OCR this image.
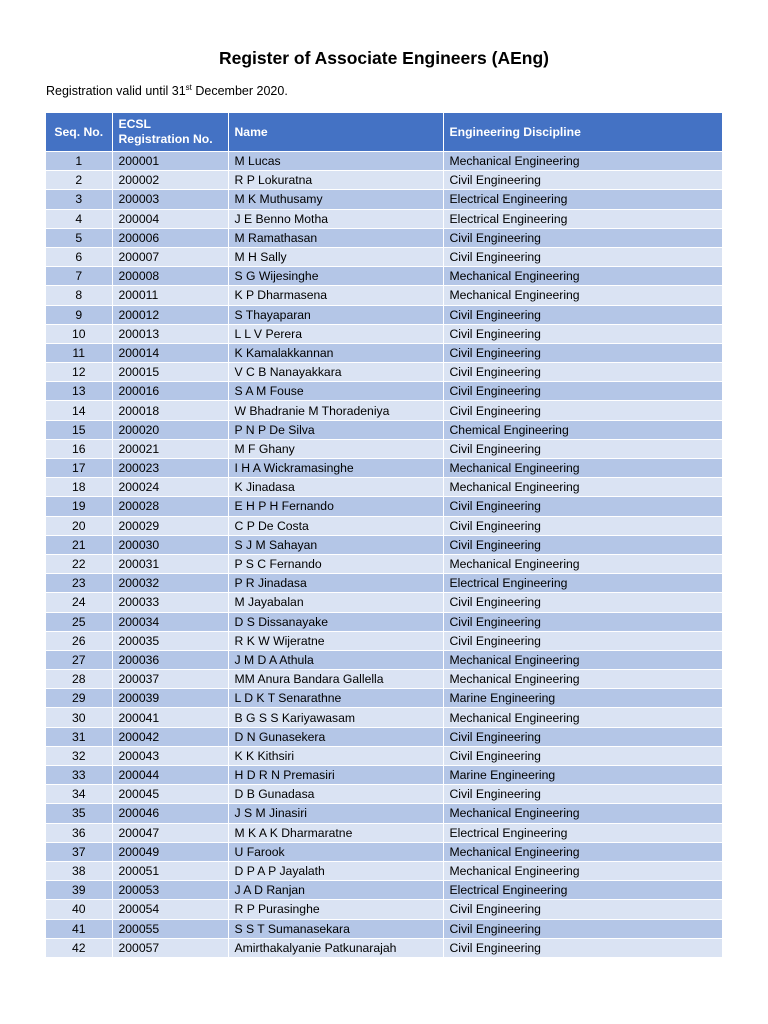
Register of Associate Engineers (AEng)
Registration valid until 31st December 2020.
Seq. No.	ECSL Registration No.	Name	Engineering Discipline
1	200001	M Lucas	Mechanical Engineering
2	200002	R P Lokuratna	Civil Engineering
3	200003	M K Muthusamy	Electrical Engineering
4	200004	J E Benno Motha	Electrical Engineering
5	200006	M Ramathasan	Civil Engineering
6	200007	M H Sally	Civil Engineering
7	200008	S G Wijesinghe	Mechanical Engineering
8	200011	K P Dharmasena	Mechanical Engineering
9	200012	S Thayaparan	Civil Engineering
10	200013	L L V Perera	Civil Engineering
11	200014	K Kamalakkannan	Civil Engineering
12	200015	V C B Nanayakkara	Civil Engineering
13	200016	S A M Fouse	Civil Engineering
14	200018	W Bhadranie M Thoradeniya	Civil Engineering
15	200020	P N P De Silva	Chemical Engineering
16	200021	M F Ghany	Civil Engineering
17	200023	I H A Wickramasinghe	Mechanical Engineering
18	200024	K Jinadasa	Mechanical Engineering
19	200028	E H P H Fernando	Civil Engineering
20	200029	C P De Costa	Civil Engineering
21	200030	S J M Sahayan	Civil Engineering
22	200031	P S C Fernando	Mechanical Engineering
23	200032	P R Jinadasa	Electrical Engineering
24	200033	M Jayabalan	Civil Engineering
25	200034	D S Dissanayake	Civil Engineering
26	200035	R K W Wijeratne	Civil Engineering
27	200036	J M D A Athula	Mechanical Engineering
28	200037	MM Anura Bandara Gallella	Mechanical Engineering
29	200039	L D K T Senarathne	Marine Engineering
30	200041	B G S S Kariyawasam	Mechanical Engineering
31	200042	D N Gunasekera	Civil Engineering
32	200043	K K Kithsiri	Civil Engineering
33	200044	H D R N Premasiri	Marine Engineering
34	200045	D B Gunadasa	Civil Engineering
35	200046	J S M Jinasiri	Mechanical Engineering
36	200047	M K A K Dharmaratne	Electrical Engineering
37	200049	U Farook	Mechanical Engineering
38	200051	D P A P Jayalath	Mechanical Engineering
39	200053	J A D Ranjan	Electrical Engineering
40	200054	R P Purasinghe	Civil Engineering
41	200055	S S T Sumanasekara	Civil Engineering
42	200057	Amirthakalyanie Patkunarajah	Civil Engineering
